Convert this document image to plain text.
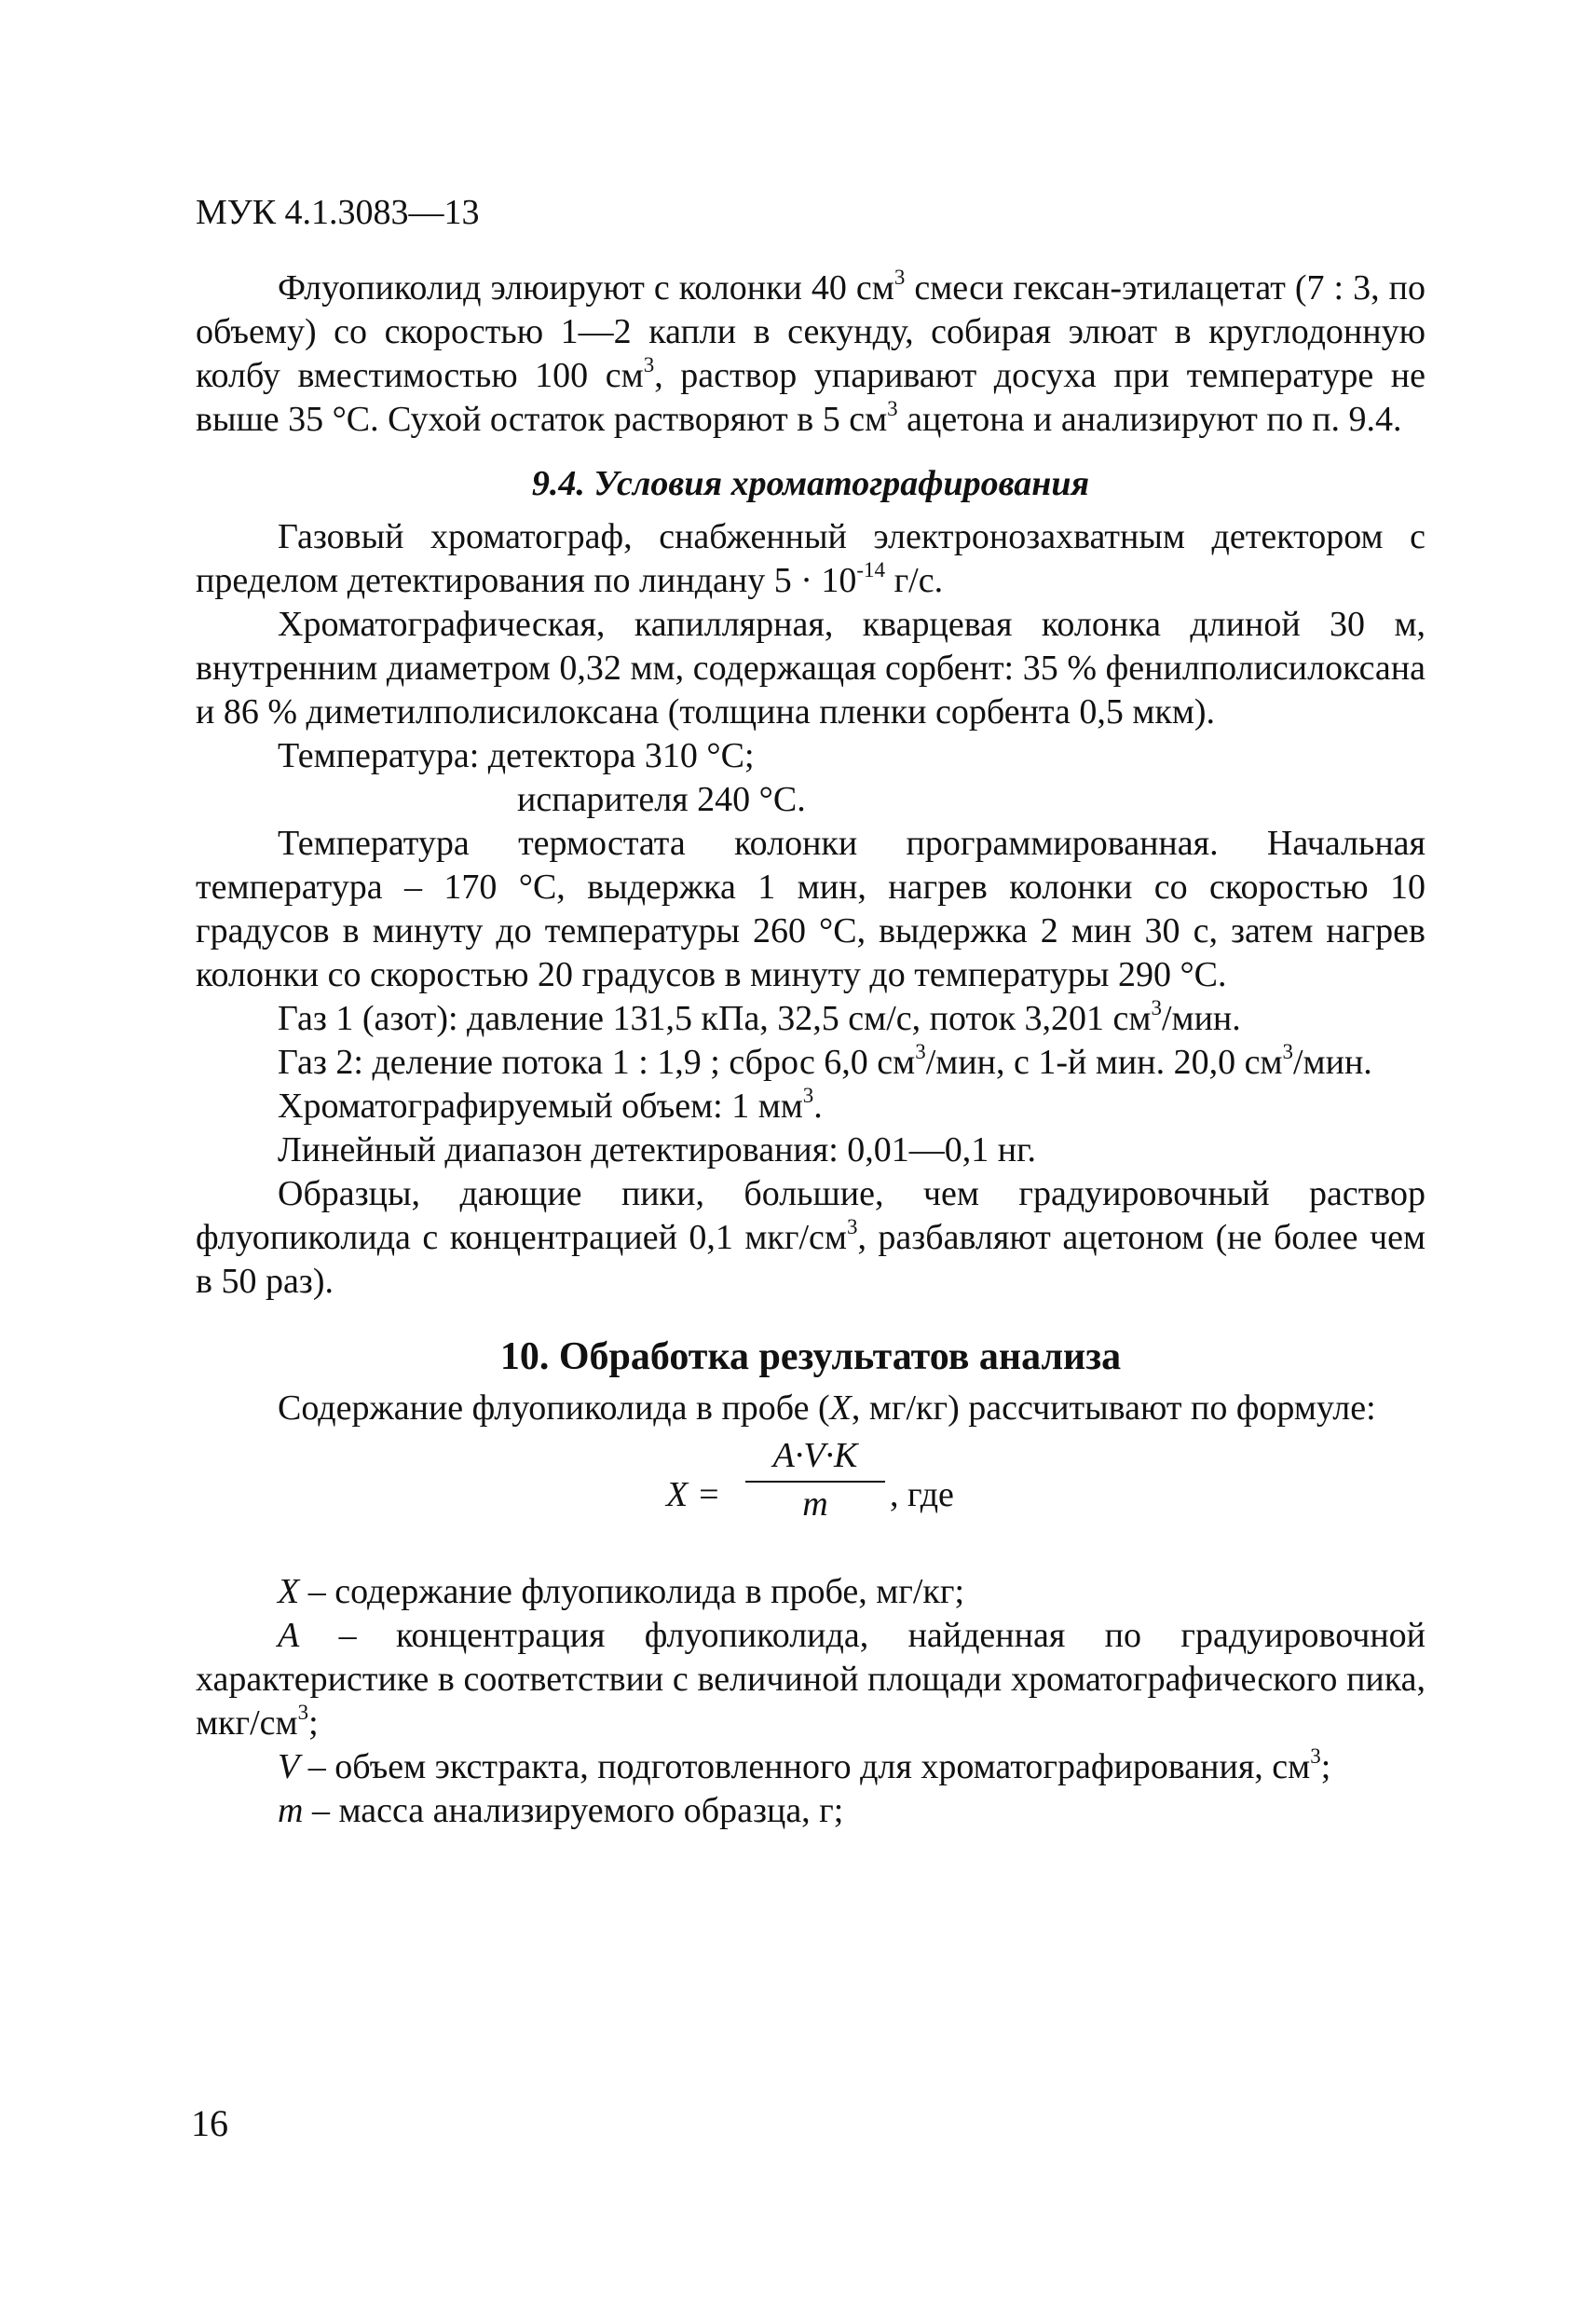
МУК 4.1.3083—13

Флуопиколид элюируют с колонки 40 $см^3$ смеси гексан-этилацетат (7 : 3, по объему) со скоростью 1—2 капли в секунду, собирая элюат в круглодонную колбу вместимостью 100 $см^3$, раствор упаривают досуха при температуре не выше 35 °С. Сухой остаток растворяют в 5 $см^3$ ацетона и анализируют по п. 9.4.

9.4. Условия хроматографирования

Газовый хроматограф, снабженный электронозахватным детектором с пределом детектирования по линдану $5 \cdot 10^{-14}$ г/с.

Хроматографическая, капиллярная, кварцевая колонка длиной 30 м, внутренним диаметром 0,32 мм, содержащая сорбент: 35 % фенилполисилоксана и 86 % диметилполисилоксана (толщина пленки сорбента 0,5 мкм).

Температура: детектора 310 °С;
испарителя 240 °С.

Температура термостата колонки программированная. Начальная температура – 170 °С, выдержка 1 мин, нагрев колонки со скоростью 10 градусов в минуту до температуры 260 °С, выдержка 2 мин 30 с, затем нагрев колонки со скоростью 20 градусов в минуту до температуры 290 °С.

Газ 1 (азот): давление 131,5 кПа, 32,5 см/с, поток 3,201 $см^3$/мин.

Газ 2: деление потока 1 : 1,9 ; сброс 6,0 $см^3$/мин, с 1-й мин. 20,0 $см^3$/мин.

Хроматографируемый объем: 1 $мм^3$.

Линейный диапазон детектирования: 0,01—0,1 нг.

Образцы, дающие пики, большие, чем градуировочный раствор флуопиколида с концентрацией 0,1 мкг/$см^3$, разбавляют ацетоном (не более чем в 50 раз).

10. Обработка результатов анализа

Содержание флуопиколида в пробе (X, мг/кг) рассчитывают по формуле:

X =
A·V·K
m	, где

X – содержание флуопиколида в пробе, мг/кг;

A – концентрация флуопиколида, найденная по градуировочной характеристике в соответствии с величиной площади хроматографического пика, мкг/$см^3$;

V – объем экстракта, подготовленного для хроматографирования, $см^3$;

m – масса анализируемого образца, г;

16
